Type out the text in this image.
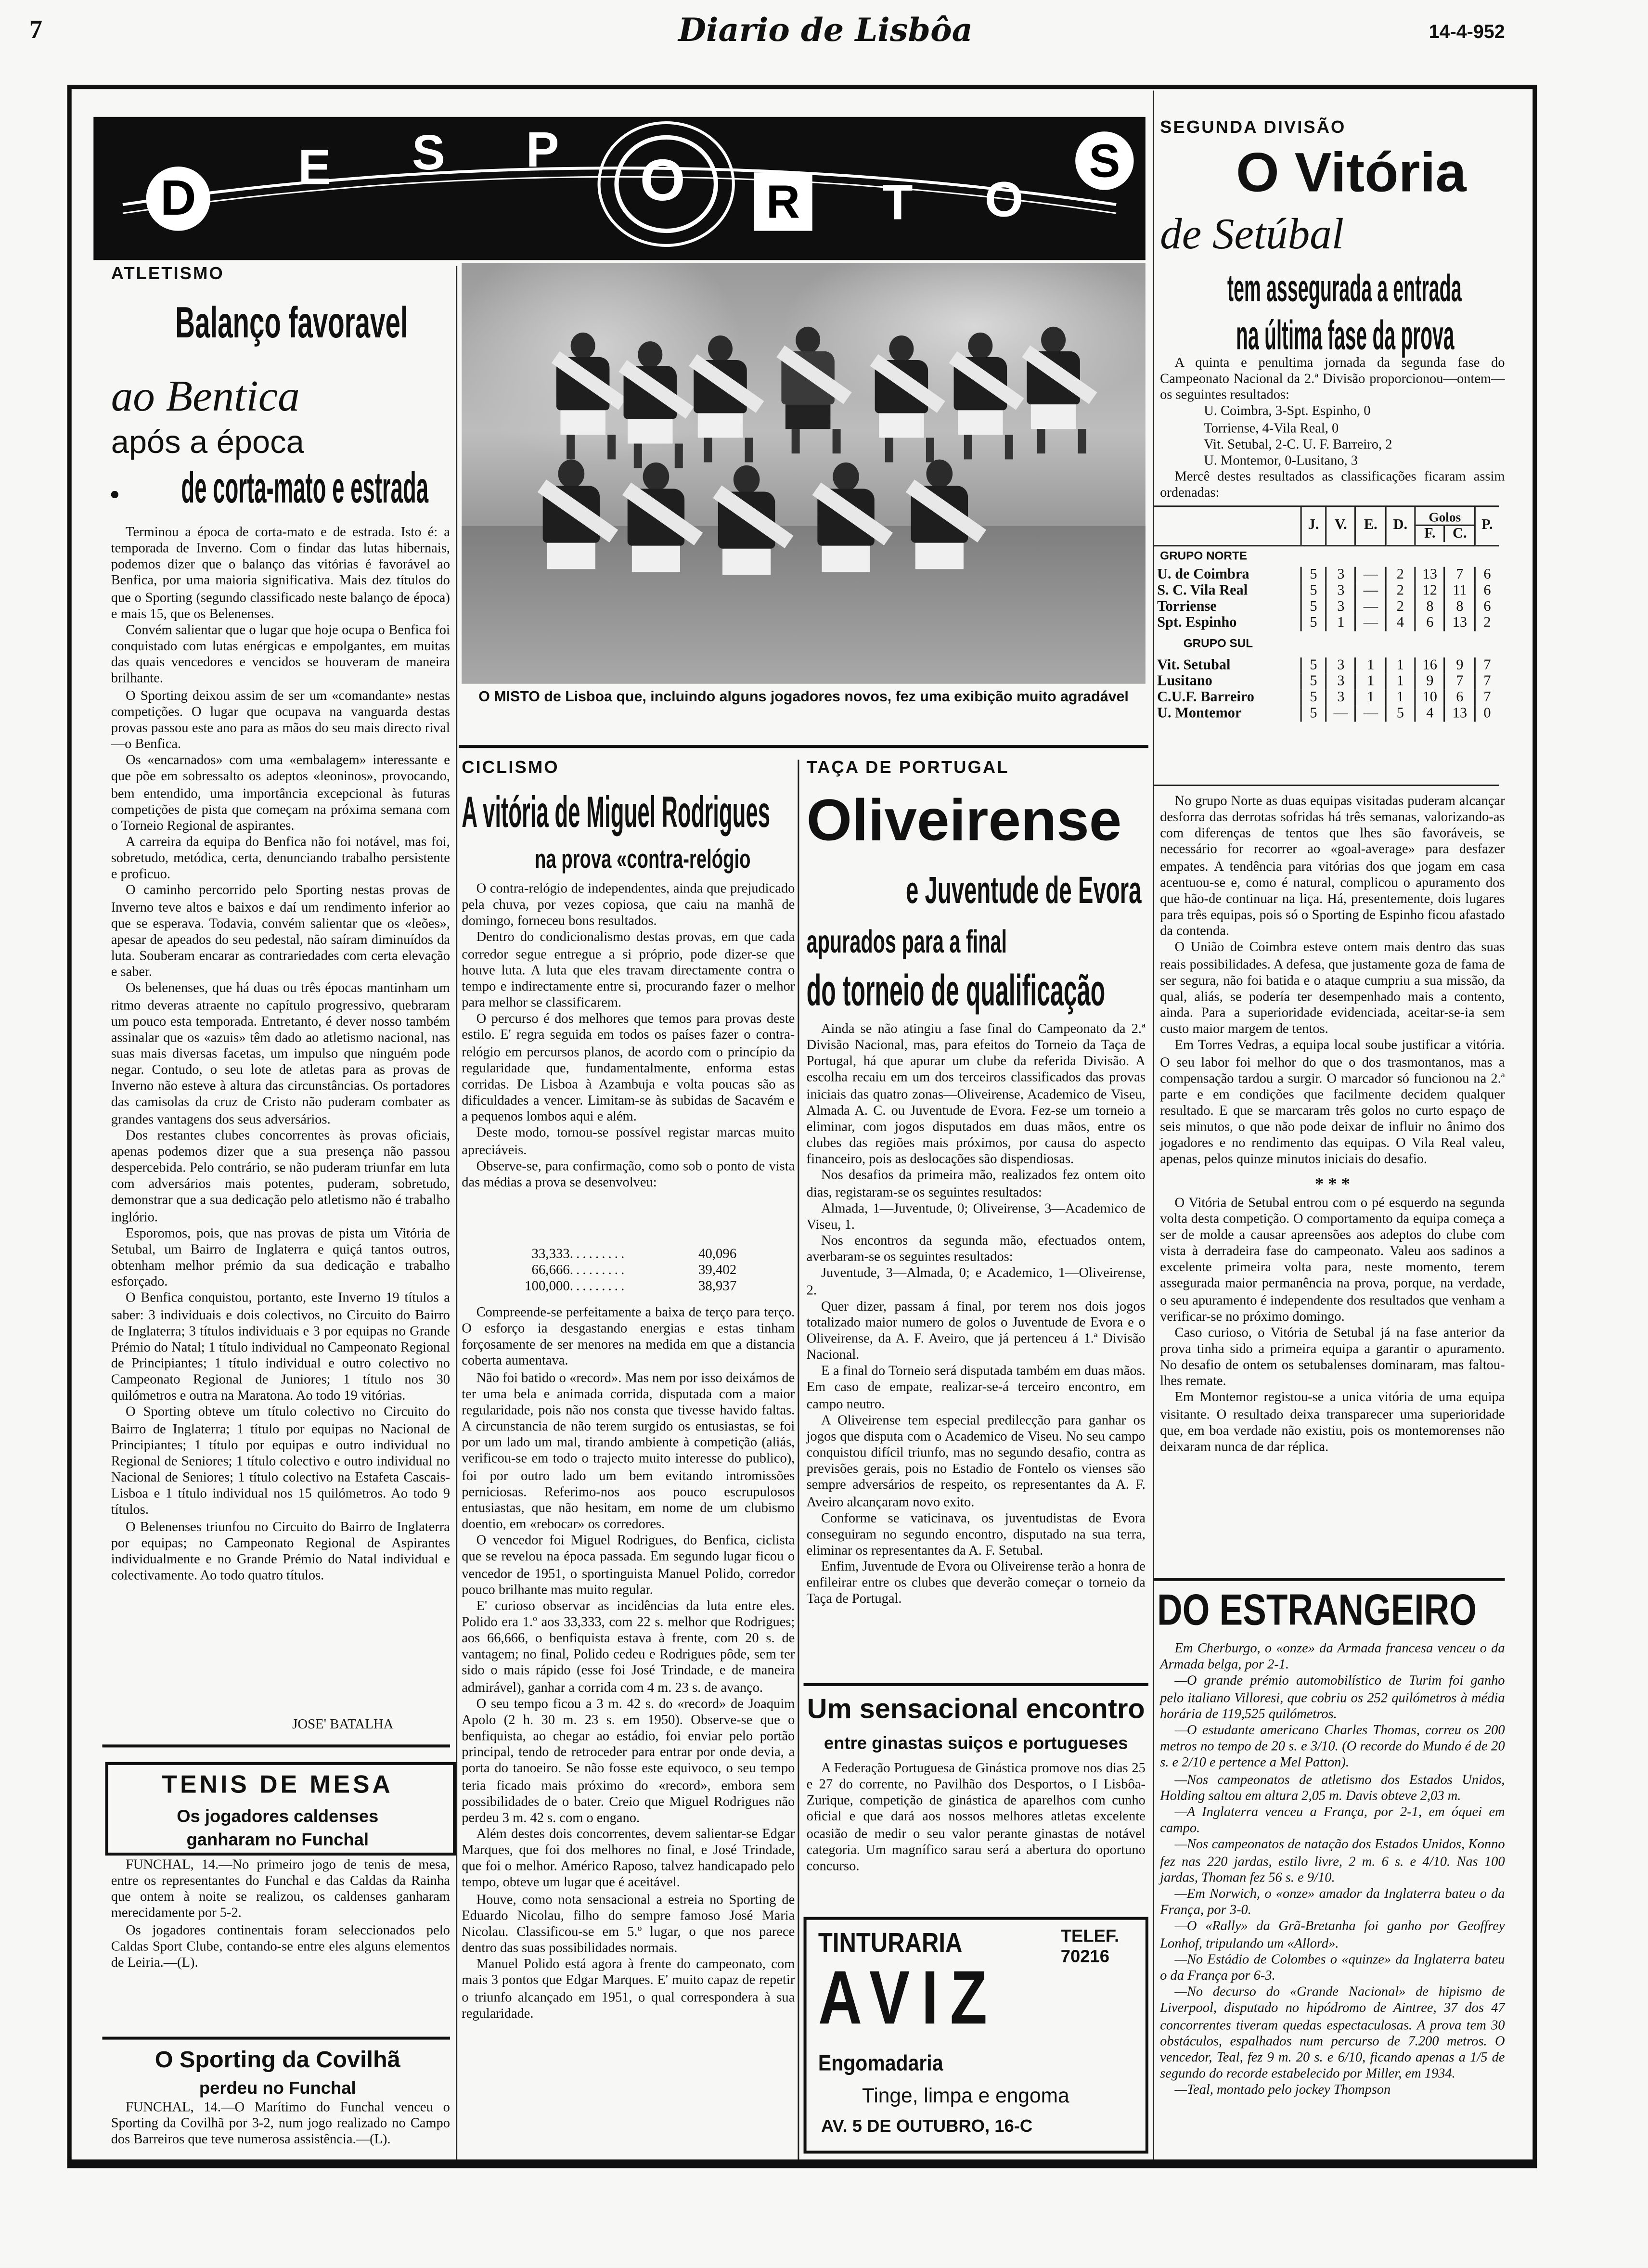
7	Diario de Lisbôa	14-4-952
D
E	S	P	O	R	T	O
S
ATLETISMO
Balanço favoravel
ao Bentica
após a época
de corta-mato e estrada

Terminou a época de corta-mato e de estrada. Isto é: a temporada de Inverno. Com o findar das lutas hibernais, podemos dizer que o balanço das vitórias é favorável ao Benfica, por uma maioria significativa. Mais dez títulos do que o Sporting (segundo classificado neste balanço de época) e mais 15, que os Belenenses.

Convém salientar que o lugar que hoje ocupa o Benfica foi conquistado com lutas enérgicas e empolgantes, em muitas das quais vencedores e vencidos se houveram de maneira brilhante.

O Sporting deixou assim de ser um «comandante» nestas competições. O lugar que ocupava na vanguarda destas provas passou este ano para as mãos do seu mais directo rival—o Benfica.

Os «encarnados» com uma «embalagem» interessante e que põe em sobressalto os adeptos «leoninos», provocando, bem entendido, uma importância excepcional às futuras competições de pista que começam na próxima semana com o Torneio Regional de aspirantes.

A carreira da equipa do Benfica não foi notável, mas foi, sobretudo, metódica, certa, denunciando trabalho persistente e proficuo.

O caminho percorrido pelo Sporting nestas provas de Inverno teve altos e baixos e daí um rendimento inferior ao que se esperava. Todavia, convém salientar que os «leões», apesar de apeados do seu pedestal, não saíram diminuídos da luta. Souberam encarar as contrariedades com certa elevação e saber.

Os belenenses, que há duas ou três épocas mantinham um ritmo deveras atraente no capítulo progressivo, quebraram um pouco esta temporada. Entretanto, é dever nosso também assinalar que os «azuis» têm dado ao atletismo nacional, nas suas mais diversas facetas, um impulso que ninguém pode negar. Contudo, o seu lote de atletas para as provas de Inverno não esteve à altura das circunstâncias. Os portadores das camisolas da cruz de Cristo não puderam combater as grandes vantagens dos seus adversários.

Dos restantes clubes concorrentes às provas oficiais, apenas podemos dizer que a sua presença não passou despercebida. Pelo contrário, se não puderam triunfar em luta com adversários mais potentes, puderam, sobretudo, demonstrar que a sua dedicação pelo atletismo não é trabalho inglório.

Esporomos, pois, que nas provas de pista um Vitória de Setubal, um Bairro de Inglaterra e quiçá tantos outros, obtenham melhor prémio da sua dedicação e trabalho esforçado.

O Benfica conquistou, portanto, este Inverno 19 títulos a saber: 3 individuais e dois colectivos, no Circuito do Bairro de Inglaterra; 3 títulos individuais e 3 por equipas no Grande Prémio do Natal; 1 título individual no Campeonato Regional de Principiantes; 1 título individual e outro colectivo no Campeonato Regional de Juniores; 1 título nos 30 quilómetros e outra na Maratona. Ao todo 19 vitórias.

O Sporting obteve um título colectivo no Circuito do Bairro de Inglaterra; 1 título por equipas no Nacional de Principiantes; 1 título por equipas e outro individual no Regional de Seniores; 1 título colectivo e outro individual no Nacional de Seniores; 1 título colectivo na Estafeta Cascais-Lisboa e 1 título individual nos 15 quilómetros. Ao todo 9 títulos.

O Belenenses triunfou no Circuito do Bairro de Inglaterra por equipas; no Campeonato Regional de Aspirantes individualmente e no Grande Prémio do Natal individual e colectivamente. Ao todo quatro títulos.

JOSE' BATALHA
TENIS DE MESA
Os jogadores caldenses
ganharam no Funchal

FUNCHAL, 14.—No primeiro jogo de tenis de mesa, entre os representantes do Funchal e das Caldas da Rainha que ontem à noite se realizou, os caldenses ganharam merecidamente por 5-2.

Os jogadores continentais foram seleccionados pelo Caldas Sport Clube, contando-se entre eles alguns elementos de Leiria.—(L).

O Sporting da Covilhã
perdeu no Funchal

FUNCHAL, 14.—O Marítimo do Funchal venceu o Sporting da Covilhã por 3-2, num jogo realizado no Campo dos Barreiros que teve numerosa assistência.—(L).

O MISTO de Lisboa que, incluindo alguns jogadores novos, fez uma exibição muito agradável
CICLISMO
A vitória de Miguel Rodrigues
na prova «contra-relógio

O contra-relógio de independentes, ainda que prejudicado pela chuva, por vezes copiosa, que caiu na manhã de domingo, forneceu bons resultados.

Dentro do condicionalismo destas provas, em que cada corredor segue entregue a si próprio, pode dizer-se que houve luta. A luta que eles travam directamente contra o tempo e indirectamente entre si, procurando fazer o melhor para melhor se classificarem.

O percurso é dos melhores que temos para provas deste estilo. E' regra seguida em todos os países fazer o contra-relógio em percursos planos, de acordo com o princípio da regularidade que, fundamentalmente, enforma estas corridas. De Lisboa à Azambuja e volta poucas são as dificuldades a vencer. Limitam-se às subidas de Sacavém e a pequenos lombos aqui e além.

Deste modo, tornou-se possível registar marcas muito apreciáveis.

Observe-se, para confirmação, como sob o ponto de vista das médias a prova se desenvolveu:

33,333.........	40,096
66,666.........	39,402
100,000.........	38,937

Compreende-se perfeitamente a baixa de terço para terço. O esforço ia desgastando energias e estas tinham forçosamente de ser menores na medida em que a distancia coberta aumentava.

Não foi batido o «record». Mas nem por isso deixámos de ter uma bela e animada corrida, disputada com a maior regularidade, pois não nos consta que tivesse havido faltas. A circunstancia de não terem surgido os entusiastas, se foi por um lado um mal, tirando ambiente à competição (aliás, verificou-se em todo o trajecto muito interesse do publico), foi por outro lado um bem evitando intromissões perniciosas. Referimo-nos aos pouco escrupulosos entusiastas, que não hesitam, em nome de um clubismo doentio, em «rebocar» os corredores.

O vencedor foi Miguel Rodrigues, do Benfica, ciclista que se revelou na época passada. Em segundo lugar ficou o vencedor de 1951, o sportinguista Manuel Polido, corredor pouco brilhante mas muito regular.

E' curioso observar as incidências da luta entre eles. Polido era 1.º aos 33,333, com 22 s. melhor que Rodrigues; aos 66,666, o benfiquista estava à frente, com 20 s. de vantagem; no final, Polido cedeu e Rodrigues pôde, sem ter sido o mais rápido (esse foi José Trindade, e de maneira admirável), ganhar a corrida com 4 m. 23 s. de avanço.

O seu tempo ficou a 3 m. 42 s. do «record» de Joaquim Apolo (2 h. 30 m. 23 s. em 1950). Observe-se que o benfiquista, ao chegar ao estádio, foi enviar pelo portão principal, tendo de retroceder para entrar por onde devia, a porta do tanoeiro. Se não fosse este equivoco, o seu tempo teria ficado mais próximo do «record», embora sem possibilidades de o bater. Creio que Miguel Rodrigues não perdeu 3 m. 42 s. com o engano.

Além destes dois concorrentes, devem salientar-se Edgar Marques, que foi dos melhores no final, e José Trindade, que foi o melhor. Américo Raposo, talvez handicapado pelo tempo, obteve um lugar que é aceitável.

Houve, como nota sensacional a estreia no Sporting de Eduardo Nicolau, filho do sempre famoso José Maria Nicolau. Classificou-se em 5.º lugar, o que nos parece dentro das suas possibilidades normais.

Manuel Polido está agora à frente do campeonato, com mais 3 pontos que Edgar Marques. E' muito capaz de repetir o triunfo alcançado em 1951, o qual correspondera à sua regularidade.

TAÇA DE PORTUGAL
Oliveirense
e Juventude de Evora
apurados para a final
do torneio de qualificação

Ainda se não atingiu a fase final do Campeonato da 2.ª Divisão Nacional, mas, para efeitos do Torneio da Taça de Portugal, há que apurar um clube da referida Divisão. A escolha recaiu em um dos terceiros classificados das provas iniciais das quatro zonas—Oliveirense, Academico de Viseu, Almada A. C. ou Juventude de Evora. Fez-se um torneio a eliminar, com jogos disputados em duas mãos, entre os clubes das regiões mais próximos, por causa do aspecto financeiro, pois as deslocações são dispendiosas.

Nos desafios da primeira mão, realizados fez ontem oito dias, registaram-se os seguintes resultados:

Almada, 1—Juventude, 0; Oliveirense, 3—Academico de Viseu, 1.

Nos encontros da segunda mão, efectuados ontem, averbaram-se os seguintes resultados:

Juventude, 3—Almada, 0; e Academico, 1—Oliveirense, 2.

Quer dizer, passam á final, por terem nos dois jogos totalizado maior numero de golos o Juventude de Evora e o Oliveirense, da A. F. Aveiro, que já pertenceu á 1.ª Divisão Nacional.

E a final do Torneio será disputada também em duas mãos. Em caso de empate, realizar-se-á terceiro encontro, em campo neutro.

A Oliveirense tem especial predilecção para ganhar os jogos que disputa com o Academico de Viseu. No seu campo conquistou difícil triunfo, mas no segundo desafio, contra as previsões gerais, pois no Estadio de Fontelo os vienses são sempre adversários de respeito, os representantes da A. F. Aveiro alcançaram novo exito.

Conforme se vaticinava, os juventudistas de Evora conseguiram no segundo encontro, disputado na sua terra, eliminar os representantes da A. F. Setubal.

Enfim, Juventude de Evora ou Oliveirense terão a honra de enfileirar entre os clubes que deverão começar o torneio da Taça de Portugal.

Um sensacional encontro
entre ginastas suiços e portugueses

A Federação Portuguesa de Ginástica promove nos dias 25 e 27 do corrente, no Pavilhão dos Desportos, o I Lisbôa-Zurique, competição de ginástica de aparelhos com cunho oficial e que dará aos nossos melhores atletas excelente ocasião de medir o seu valor perante ginastas de notável categoria. Um magnífico sarau será a abertura do oportuno concurso.

TINTURARIA	TELEF.
70216
AVIZ
Engomadaria
Tinge, limpa e engoma
AV. 5 DE OUTUBRO, 16-C
SEGUNDA DIVISÃO
O Vitória
de Setúbal
tem assegurada a entrada
na última fase da prova

A quinta e penultima jornada da segunda fase do Campeonato Nacional da 2.ª Divisão proporcionou—ontem—os seguintes resultados:

U. Coimbra, 3-Spt. Espinho, 0

Torriense, 4-Vila Real, 0

Vit. Setubal, 2-C. U. F. Barreiro, 2

U. Montemor, 0-Lusitano, 3

Mercê destes resultados as classificações ficaram assim ordenadas:

	J.	V.	E.	D.	Golos
F. C.		P.
GRUPO NORTE							
U. de Coimbra	5	3	—	2	13	7	6
S. C. Vila Real	5	3	—	2	12	11	6
Torriense	5	3	—	2	8	8	6
Spt. Espinho	5	1	—	4	6	13	2
GRUPO SUL							
Vit. Setubal	5	3	1	1	16	9	7
Lusitano	5	3	1	1	9	7	7
C.U.F. Barreiro	5	3	1	1	10	6	7
U. Montemor	5	—	—	5	4	13	0

No grupo Norte as duas equipas visitadas puderam alcançar desforra das derrotas sofridas há três semanas, valorizando-as com diferenças de tentos que lhes são favoráveis, se necessário for recorrer ao «goal-average» para desfazer empates. A tendência para vitórias dos que jogam em casa acentuou-se e, como é natural, complicou o apuramento dos que hão-de continuar na liça. Há, presentemente, dois lugares para três equipas, pois só o Sporting de Espinho ficou afastado da contenda.

O União de Coimbra esteve ontem mais dentro das suas reais possibilidades. A defesa, que justamente goza de fama de ser segura, não foi batida e o ataque cumpriu a sua missão, da qual, aliás, se podería ter desempenhado mais a contento, ainda. Para a superioridade evidenciada, aceitar-se-ia sem custo maior margem de tentos.

Em Torres Vedras, a equipa local soube justificar a vitória. O seu labor foi melhor do que o dos trasmontanos, mas a compensação tardou a surgir. O marcador só funcionou na 2.ª parte e em condições que facilmente decidem qualquer resultado. E que se marcaram três golos no curto espaço de seis minutos, o que não pode deixar de influir no ânimo dos jogadores e no rendimento das equipas. O Vila Real valeu, apenas, pelos quinze minutos iniciais do desafio.

* * *

O Vitória de Setubal entrou com o pé esquerdo na segunda volta desta competição. O comportamento da equipa começa a ser de molde a causar apreensões aos adeptos do clube com vista à derradeira fase do campeonato. Valeu aos sadinos a excelente primeira volta para, neste momento, terem assegurada maior permanência na prova, porque, na verdade, o seu apuramento é independente dos resultados que venham a verificar-se no próximo domingo.

Caso curioso, o Vitória de Setubal já na fase anterior da prova tinha sido a primeira equipa a garantir o apuramento. No desafio de ontem os setubalenses dominaram, mas faltou-lhes remate.

Em Montemor registou-se a unica vitória de uma equipa visitante. O resultado deixa transparecer uma superioridade que, em boa verdade não existiu, pois os montemorenses não deixaram nunca de dar réplica.

DO ESTRANGEIRO

Em Cherburgo, o «onze» da Armada francesa venceu o da Armada belga, por 2-1.

—O grande prémio automobilístico de Turim foi ganho pelo italiano Villoresi, que cobriu os 252 quilómetros à média horária de 119,525 quilómetros.

—O estudante americano Charles Thomas, correu os 200 metros no tempo de 20 s. e 3/10. (O recorde do Mundo é de 20 s. e 2/10 e pertence a Mel Patton).

—Nos campeonatos de atletismo dos Estados Unidos, Holding saltou em altura 2,05 m. Davis obteve 2,03 m.

—A Inglaterra venceu a França, por 2-1, em óquei em campo.

—Nos campeonatos de natação dos Estados Unidos, Konno fez nas 220 jardas, estilo livre, 2 m. 6 s. e 4/10. Nas 100 jardas, Thoman fez 56 s. e 9/10.

—Em Norwich, o «onze» amador da Inglaterra bateu o da França, por 3-0.

—O «Rally» da Grã-Bretanha foi ganho por Geoffrey Lonhof, tripulando um «Allord».

—No Estádio de Colombes o «quinze» da Inglaterra bateu o da França por 6-3.

—No decurso do «Grande Nacional» de hipismo de Liverpool, disputado no hipódromo de Aintree, 37 dos 47 concorrentes tiveram quedas espectaculosas. A prova tem 30 obstáculos, espalhados num percurso de 7.200 metros. O vencedor, Teal, fez 9 m. 20 s. e 6/10, ficando apenas a 1/5 de segundo do recorde estabelecido por Miller, em 1934.

—Teal, montado pelo jockey Thompson
